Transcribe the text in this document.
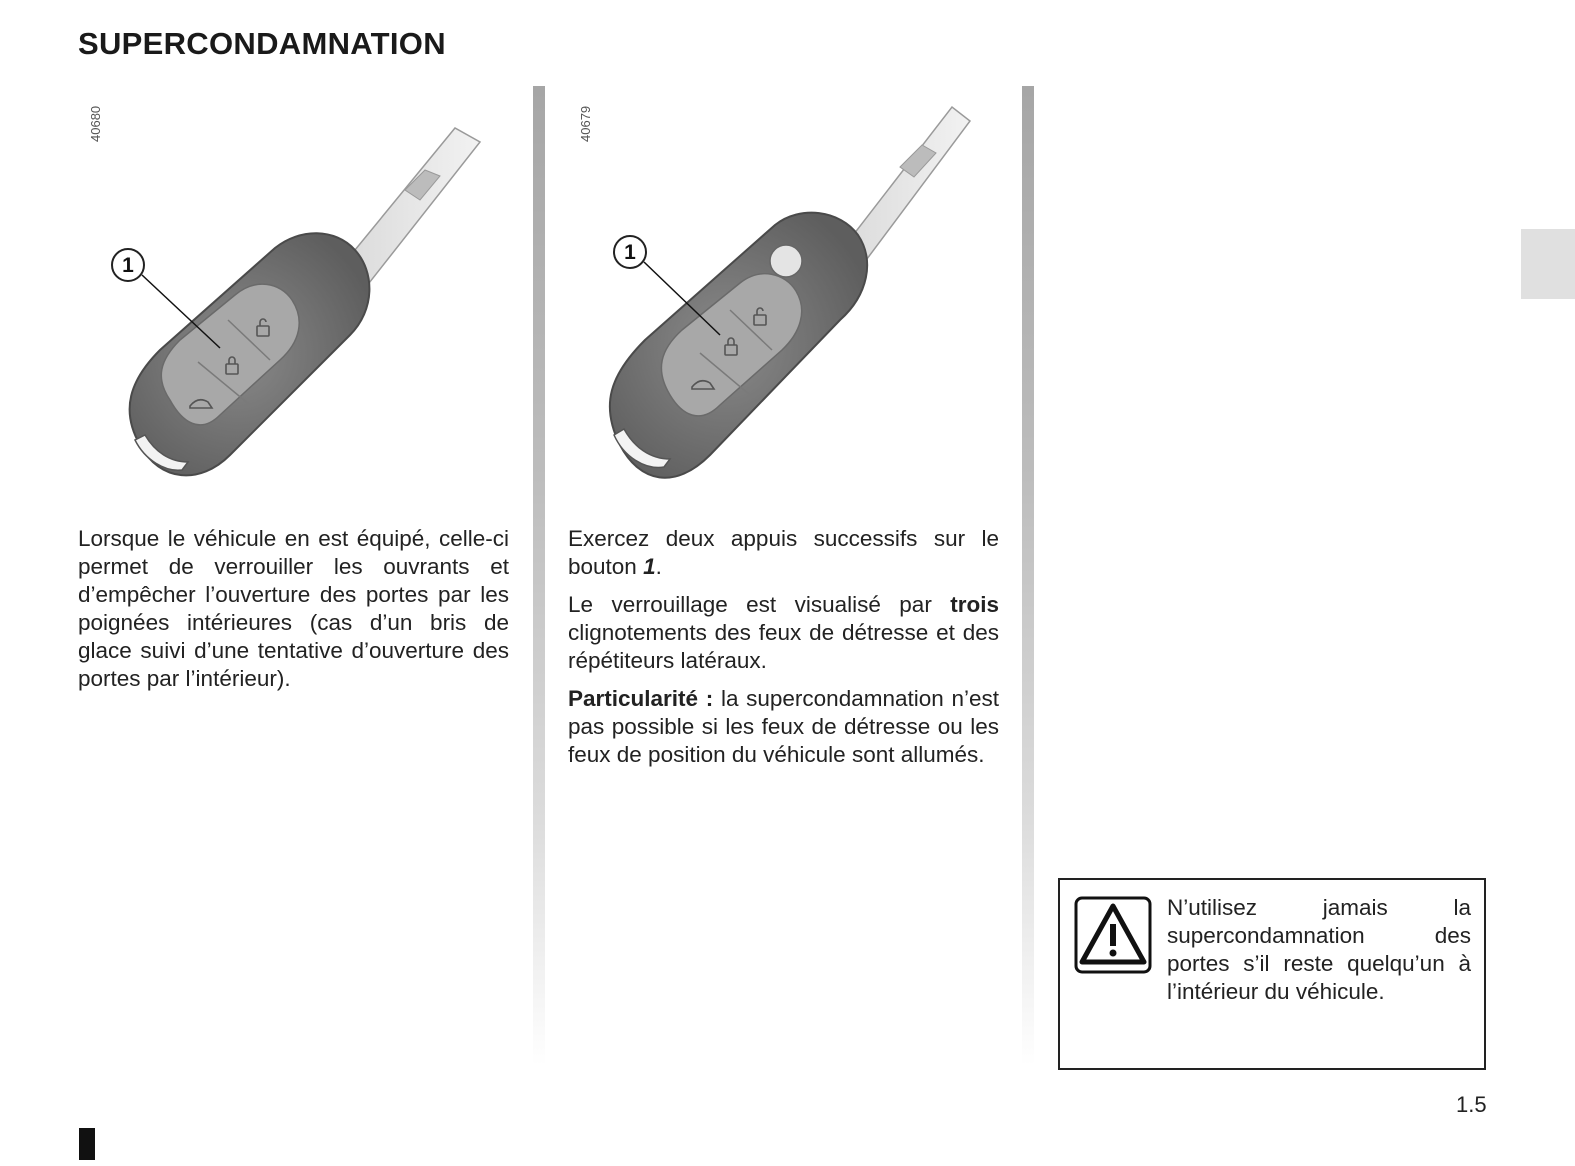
SUPERCONDAMNATION
40680
1
40679
1

Lorsque le véhicule en est équipé, celle-ci permet de verrouiller les ouvrants et d’empêcher l’ouverture des portes par les poignées intérieures (cas d’un bris de glace suivi d’une tentative d’ouverture des portes par l’intérieur).

Exercez deux appuis successifs sur le bouton 1.

Le verrouillage est visualisé par trois clignotements des feux de détresse et des répétiteurs latéraux.

Particularité : la supercondamnation n’est pas possible si les feux de détresse ou les feux de position du véhicule sont allumés.

N’utilisez jamais la supercondamnation des portes s’il reste quelqu’un à l’intérieur du véhicule.
1.5
